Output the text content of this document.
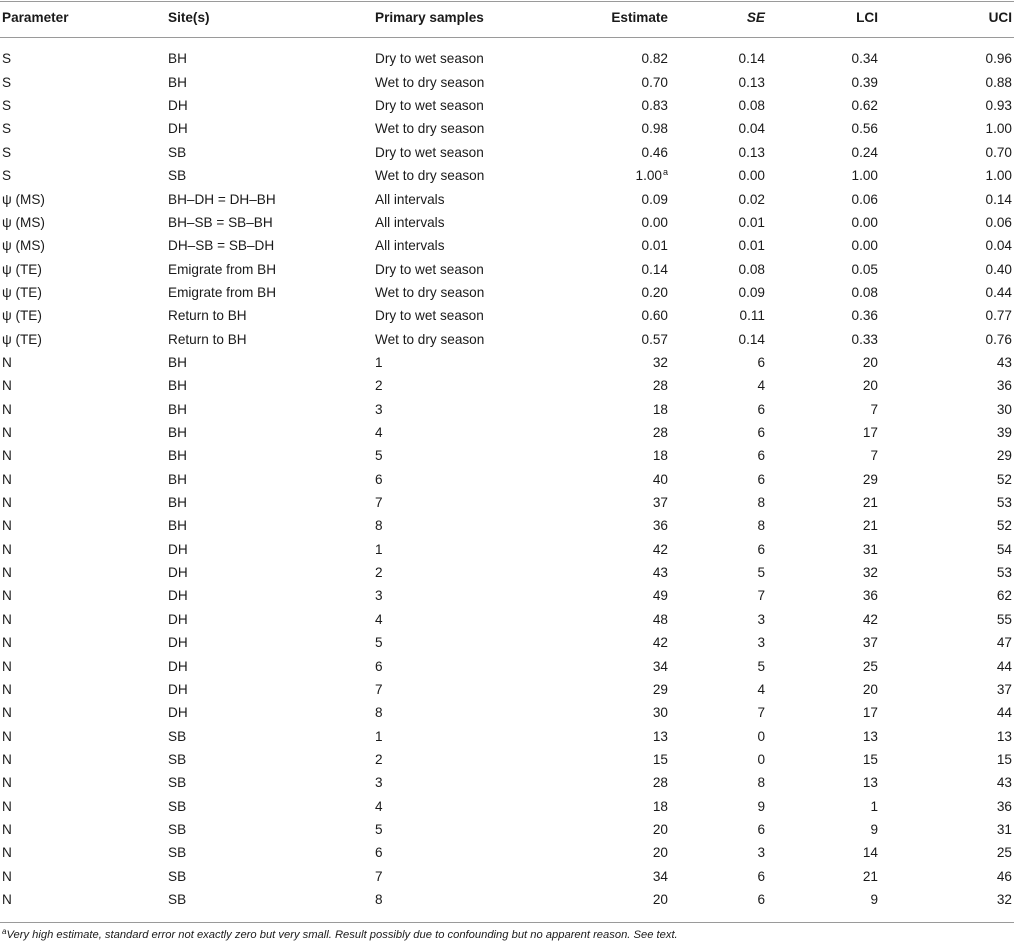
Parameter	Site(s)	Primary samples	Estimate	SE	LCI	UCI
S	BH	Dry to wet season	0.82	0.14	0.34	0.96
S	BH	Wet to dry season	0.70	0.13	0.39	0.88
S	DH	Dry to wet season	0.83	0.08	0.62	0.93
S	DH	Wet to dry season	0.98	0.04	0.56	1.00
S	SB	Dry to wet season	0.46	0.13	0.24	0.70
S	SB	Wet to dry season	1.00 $^a$	0.00	1.00	1.00
ψ (MS)	BH–DH = DH–BH	All intervals	0.09	0.02	0.06	0.14
ψ (MS)	BH–SB = SB–BH	All intervals	0.00	0.01	0.00	0.06
ψ (MS)	DH–SB = SB–DH	All intervals	0.01	0.01	0.00	0.04
ψ (TE)	Emigrate from BH	Dry to wet season	0.14	0.08	0.05	0.40
ψ (TE)	Emigrate from BH	Wet to dry season	0.20	0.09	0.08	0.44
ψ (TE)	Return to BH	Dry to wet season	0.60	0.11	0.36	0.77
ψ (TE)	Return to BH	Wet to dry season	0.57	0.14	0.33	0.76
N	BH	1	32	6	20	43
N	BH	2	28	4	20	36
N	BH	3	18	6	7	30
N	BH	4	28	6	17	39
N	BH	5	18	6	7	29
N	BH	6	40	6	29	52
N	BH	7	37	8	21	53
N	BH	8	36	8	21	52
N	DH	1	42	6	31	54
N	DH	2	43	5	32	53
N	DH	3	49	7	36	62
N	DH	4	48	3	42	55
N	DH	5	42	3	37	47
N	DH	6	34	5	25	44
N	DH	7	29	4	20	37
N	DH	8	30	7	17	44
N	SB	1	13	0	13	13
N	SB	2	15	0	15	15
N	SB	3	28	8	13	43
N	SB	4	18	9	1	36
N	SB	5	20	6	9	31
N	SB	6	20	3	14	25
N	SB	7	34	6	21	46
N	SB	8	20	6	9	32
$^a$Very high estimate, standard error not exactly zero but very small. Result possibly due to confounding but no apparent reason. See text.
